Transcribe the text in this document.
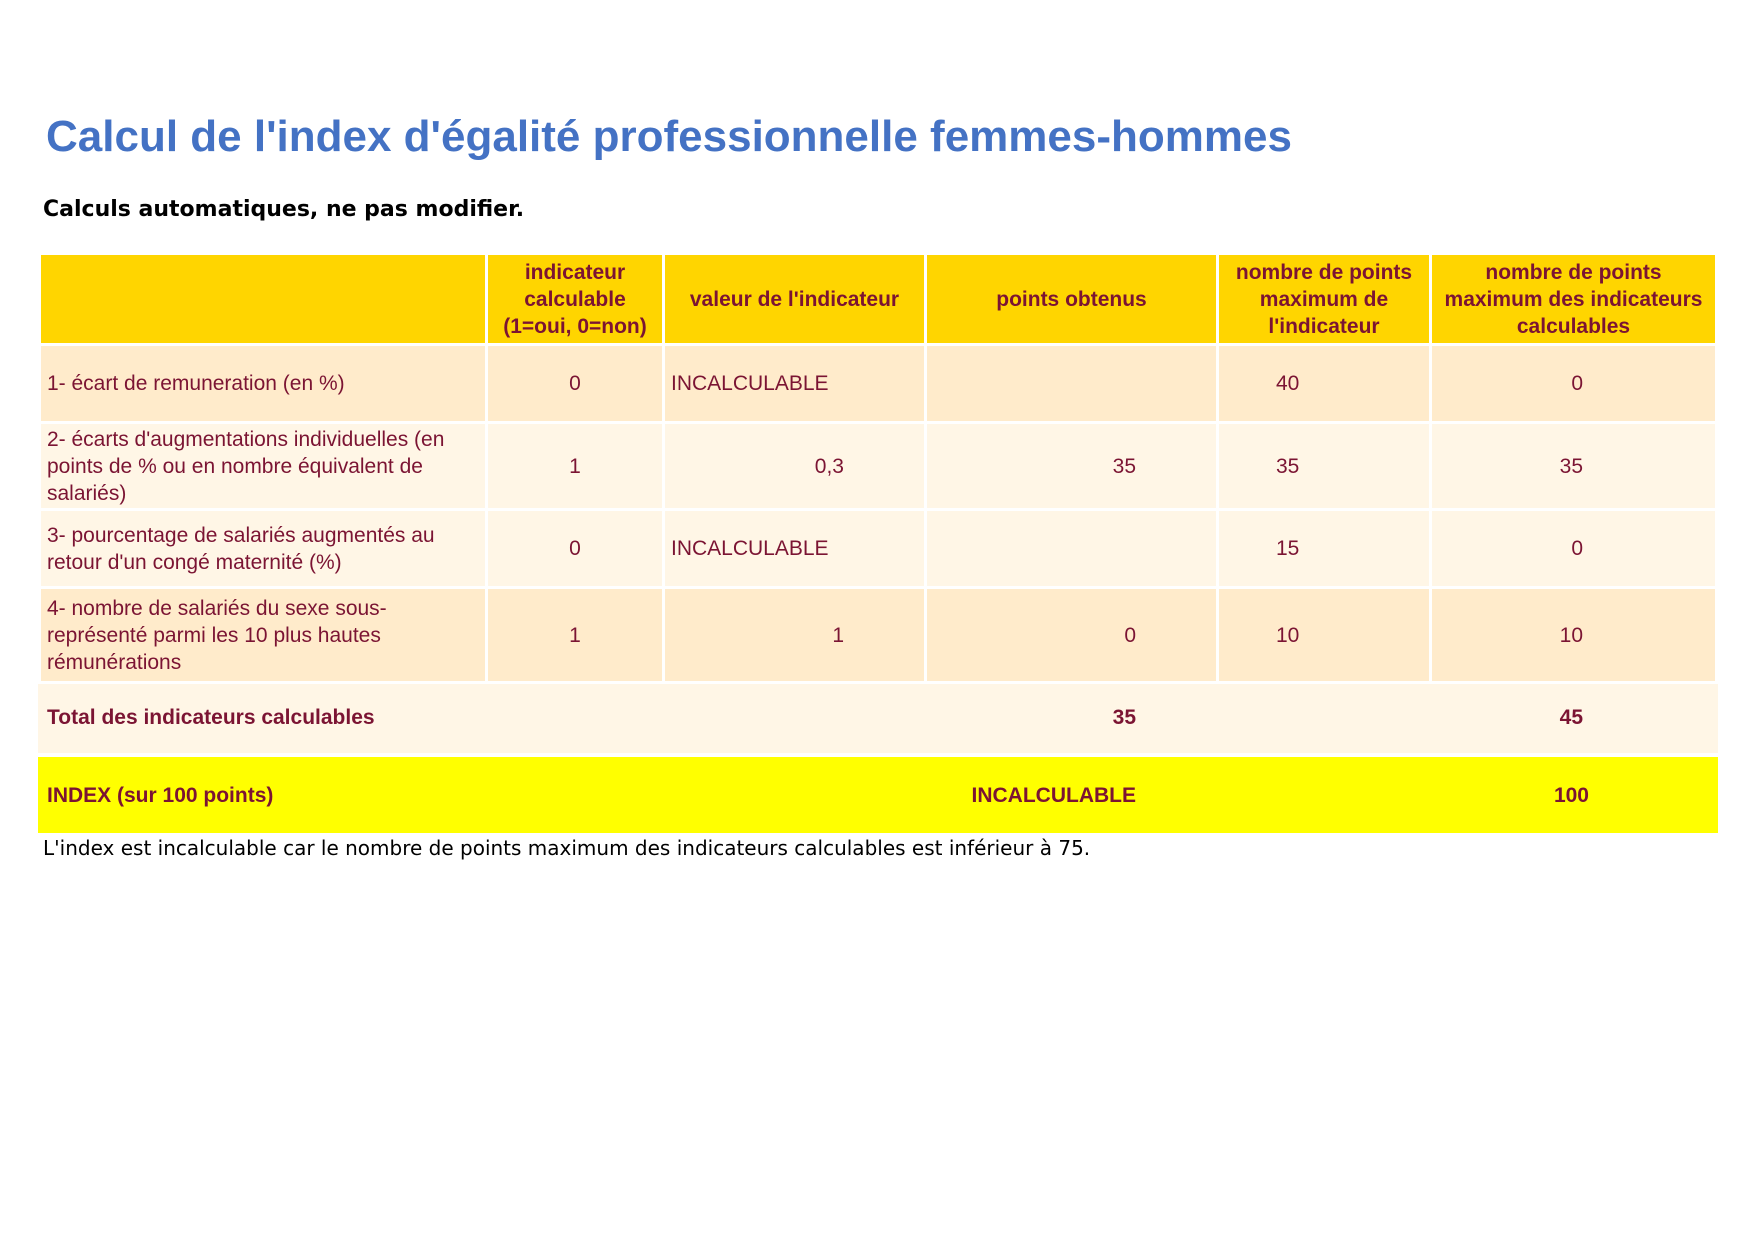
Calcul de l'index d'égalité professionnelle femmes-hommes
Calculs automatiques, ne pas modifier.
	indicateur calculable (1=oui, 0=non)	valeur de l'indicateur	points obtenus	nombre de points maximum de l'indicateur	nombre de points maximum des indicateurs calculables
1- écart de remuneration (en %)	0	INCALCULABLE		40	0
2- écarts d'augmentations individuelles (en points de % ou en nombre équivalent de salariés)	1	0,3	35	35	35
3- pourcentage de salariés augmentés au retour d'un congé maternité (%)	0	INCALCULABLE		15	0
4- nombre de salariés du sexe sous-représenté parmi les 10 plus hautes rémunérations	1	1	0	10	10
Total des indicateurs calculables			35		45

INDEX (sur 100 points)			INCALCULABLE		100
L'index est incalculable car le nombre de points maximum des indicateurs calculables est inférieur à 75.
